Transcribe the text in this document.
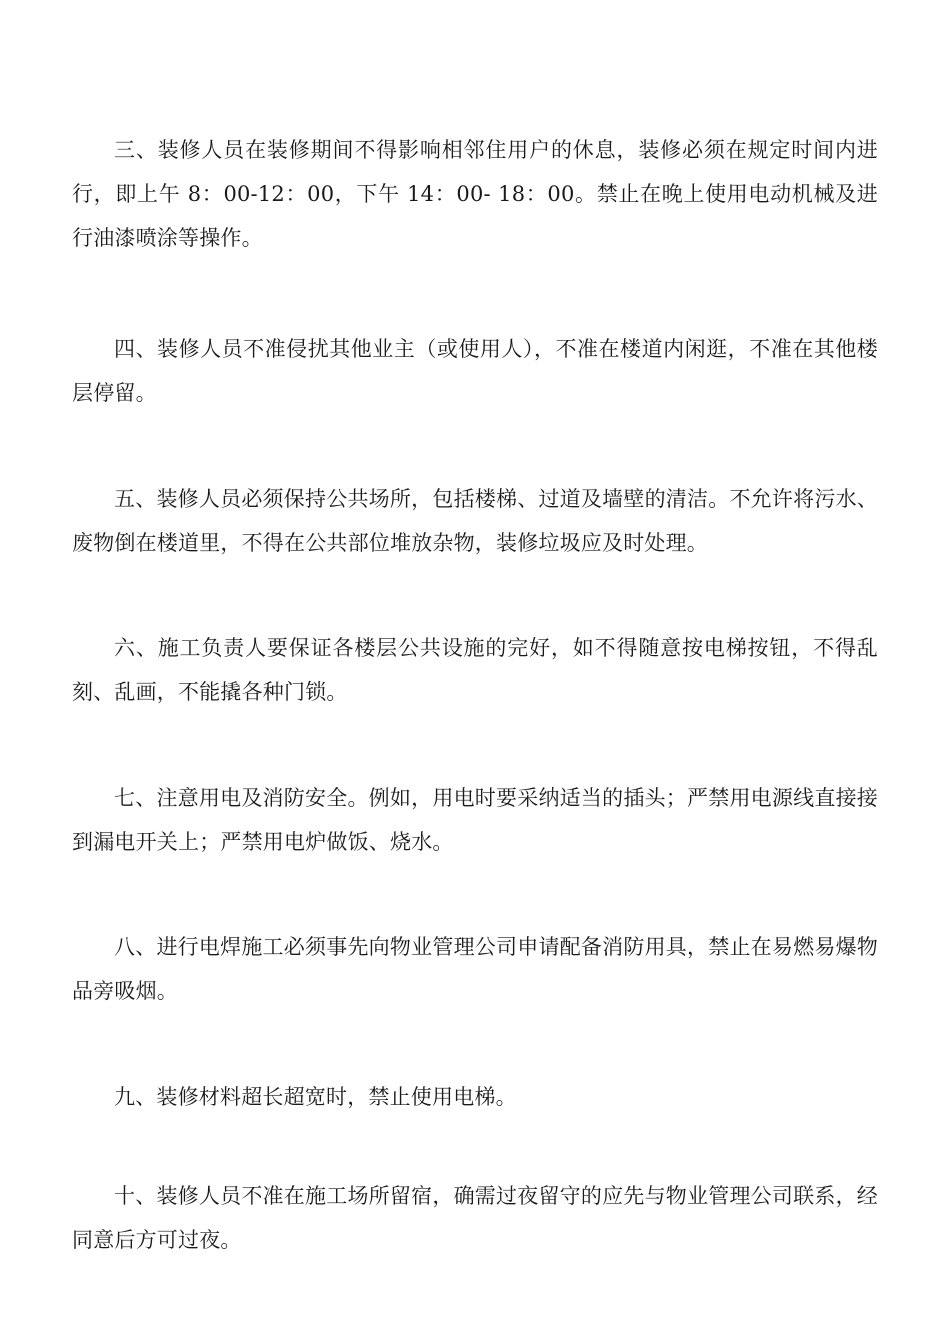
三、装修人员在装修期间不得影响相邻住用户的休息，装修必须在规定时间内进行，即上午 8：00-12：00，下午 14：00- 18：00。禁止在晚上使用电动机械及进行油漆喷涂等操作。

四、装修人员不准侵扰其他业主（或使用人），不准在楼道内闲逛，不准在其他楼层停留。

五、装修人员必须保持公共场所，包括楼梯、过道及墙壁的清洁。不允许将污水、废物倒在楼道里，不得在公共部位堆放杂物，装修垃圾应及时处理。

六、施工负责人要保证各楼层公共设施的完好，如不得随意按电梯按钮，不得乱刻、乱画，不能撬各种门锁。

七、注意用电及消防安全。例如，用电时要采纳适当的插头；严禁用电源线直接接到漏电开关上；严禁用电炉做饭、烧水。

八、进行电焊施工必须事先向物业管理公司申请配备消防用具，禁止在易燃易爆物品旁吸烟。

九、装修材料超长超宽时，禁止使用电梯。

十、装修人员不准在施工场所留宿，确需过夜留守的应先与物业管理公司联系，经同意后方可过夜。
